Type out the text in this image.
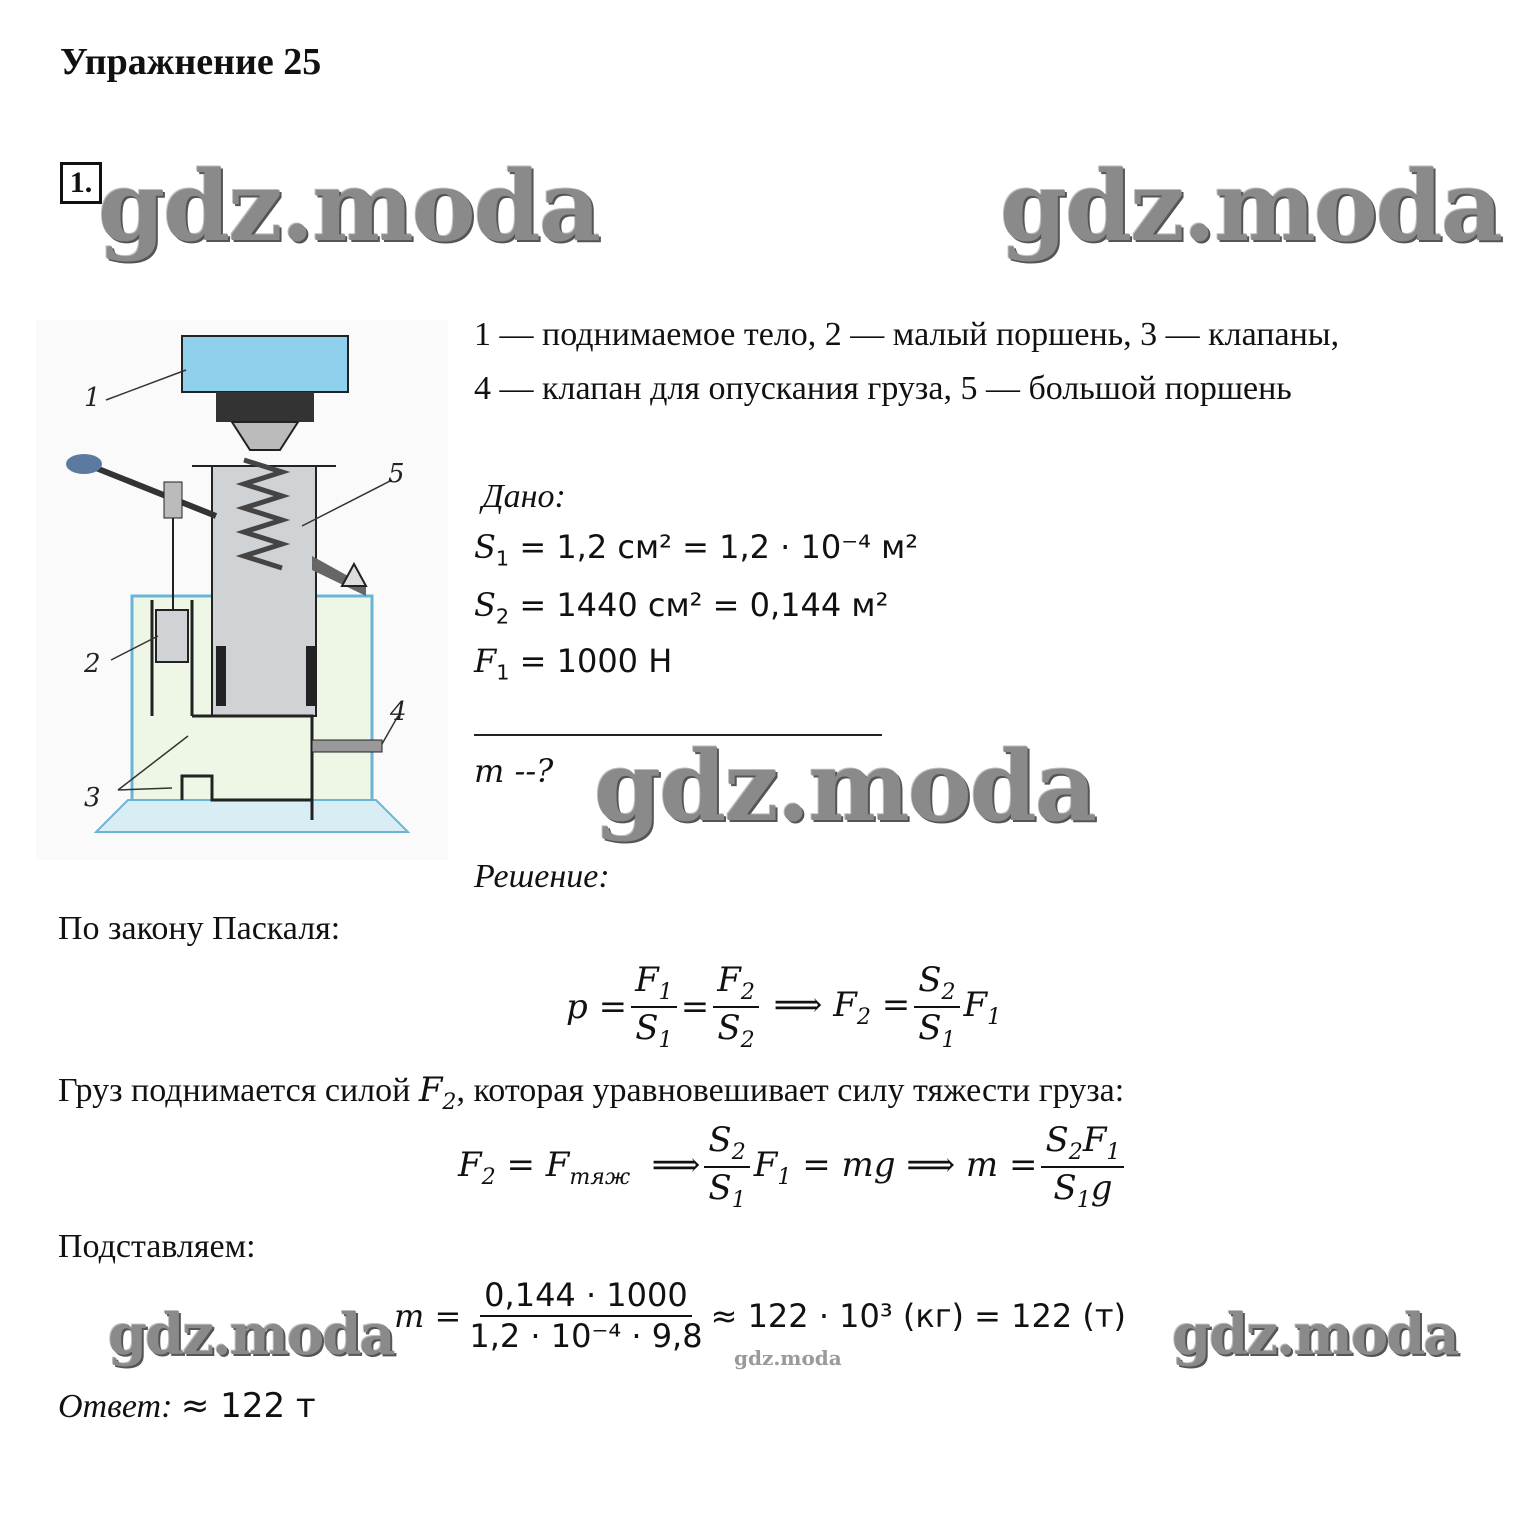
Упражнение 25
1. gdz.moda	gdz.moda
1
2
3
4
5
1 — поднимаемое тело, 2 — малый поршень, 3 — клапаны,
4 — клапан для опускания груза, 5 — большой поршень
Дано:
$S_1 = 1,2$ см² = 1,2 · 10⁻⁴ м²
$S_2 = 1440$ см² = 0,144 м²
$F_1 = 1000$ Н
m --? gdz.moda
Решение:
По закону Паскаля:
$p = \frac{F_1}{S_1} = \frac{F_2}{S_2}$ ⟹ $F_2 = \frac{S_2}{S_1} F_1$
Груз поднимается силой $F_2$, которая уравновешивает силу тяжести груза:
$F_2 = F_{тяж}$  ⟹ $\frac{S_2}{S_1} F_1$ = mg ⟹ $m = \frac{S_2F_1}{S_1g}$
Подставляем:
gdz.moda $m = \frac{0,144 \cdot 1000}{\text{1,2 · 10⁻⁴ · 9,8}} \approx 122 \cdot 10^3$ (кг) = 122 (т)
gdz.moda	gdz.moda
Ответ: ≈ 122 т
